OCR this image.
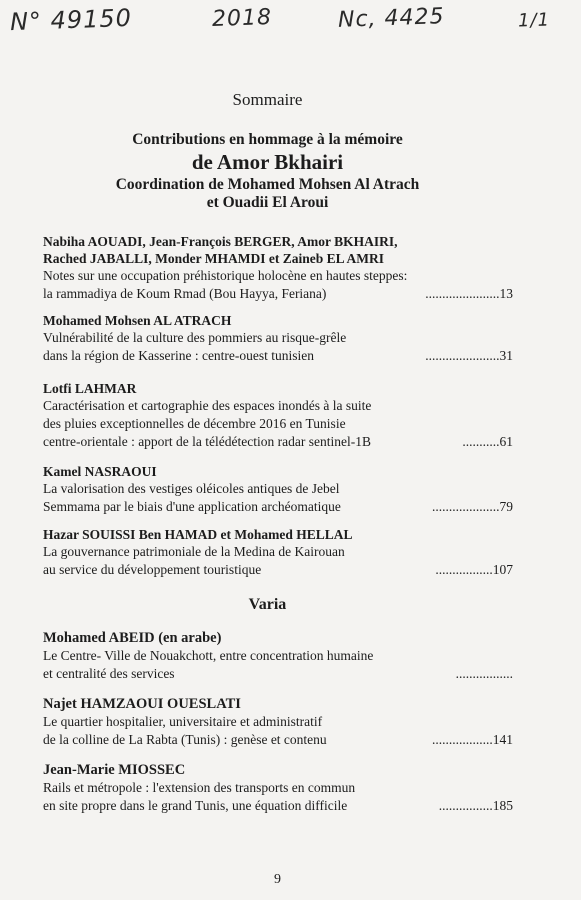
N° 49150	2018	Nc, 4425	1/1
Sommaire
Contributions en hommage à la mémoire
de Amor Bkhairi
Coordination de Mohamed Mohsen Al Atrach
et Ouadii El Aroui
Nabiha AOUADI, Jean-François BERGER, Amor BKHAIRI,
Rached JABALLI, Monder MHAMDI et Zaineb EL AMRI
Notes sur une occupation préhistorique holocène en hautes steppes:
la rammadiya de Koum Rmad (Bou Hayya, Feriana)	......................13
Mohamed Mohsen AL ATRACH
Vulnérabilité de la culture des pommiers au risque-grêle
dans la région de Kasserine : centre-ouest tunisien	......................31
Lotfi LAHMAR
Caractérisation et cartographie des espaces inondés à la suite
des pluies exceptionnelles de décembre 2016 en Tunisie
centre-orientale : apport de la télédétection radar sentinel-1B	...........61
Kamel NASRAOUI
La valorisation des vestiges oléicoles antiques de Jebel
Semmama par le biais d'une application archéomatique	....................79
Hazar SOUISSI Ben HAMAD et Mohamed HELLAL
La gouvernance patrimoniale de la Medina de Kairouan
au service du développement touristique	.................107
Varia
Mohamed ABEID (en arabe)
Le Centre- Ville de Nouakchott, entre concentration humaine
et centralité des services	.................
Najet HAMZAOUI OUESLATI
Le quartier hospitalier, universitaire et administratif
de la colline de La Rabta (Tunis) : genèse et contenu	..................141
Jean-Marie MIOSSEC
Rails et métropole : l'extension des transports en commun
en site propre dans le grand Tunis, une équation difficile	................185
9
